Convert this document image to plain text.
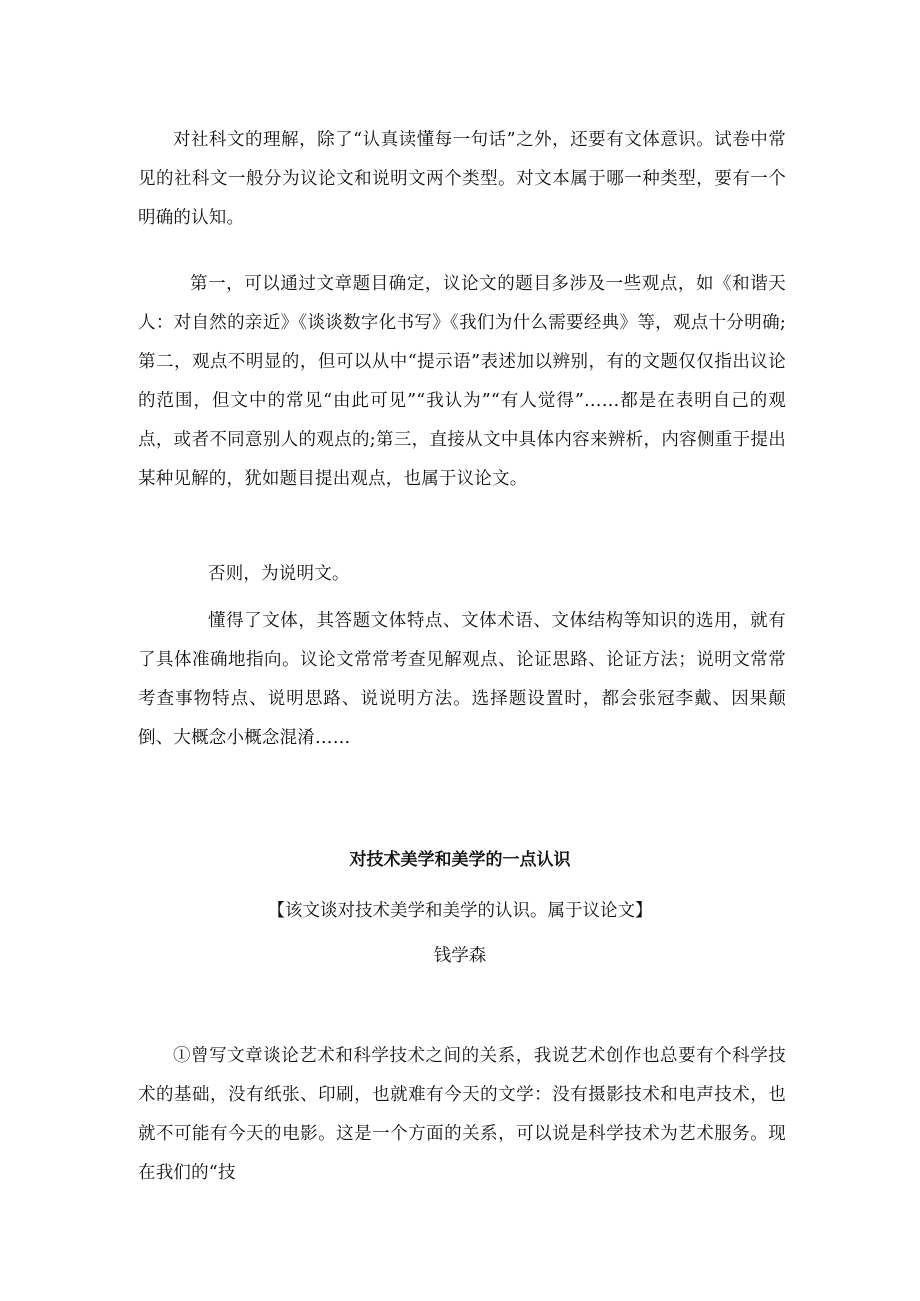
对社科文的理解，除了“认真读懂每一句话”之外，还要有文体意识。试卷中常见的社科文一般分为议论文和说明文两个类型。对文本属于哪一种类型，要有一个明确的认知。

第一，可以通过文章题目确定，议论文的题目多涉及一些观点，如《和谐天人：对自然的亲近》《谈谈数字化书写》《我们为什么需要经典》等，观点十分明确;第二，观点不明显的，但可以从中“提示语”表述加以辨别，有的文题仅仅指出议论的范围，但文中的常见“由此可见”“我认为”“有人觉得”……都是在表明自己的观点，或者不同意别人的观点的;第三，直接从文中具体内容来辨析，内容侧重于提出某种见解的，犹如题目提出观点，也属于议论文。

否则，为说明文。

懂得了文体，其答题文体特点、文体术语、文体结构等知识的选用，就有了具体准确地指向。议论文常常考查见解观点、论证思路、论证方法；说明文常常考查事物特点、说明思路、说说明方法。选择题设置时，都会张冠李戴、因果颠倒、大概念小概念混淆……

对技术美学和美学的一点认识
【该文谈对技术美学和美学的认识。属于议论文】
钱学森

①曾写文章谈论艺术和科学技术之间的关系，我说艺术创作也总要有个科学技术的基础，没有纸张、印刷，也就难有今天的文学：没有摄影技术和电声技术，也就不可能有今天的电影。这是一个方面的关系，可以说是科学技术为艺术服务。现在我们的“技
